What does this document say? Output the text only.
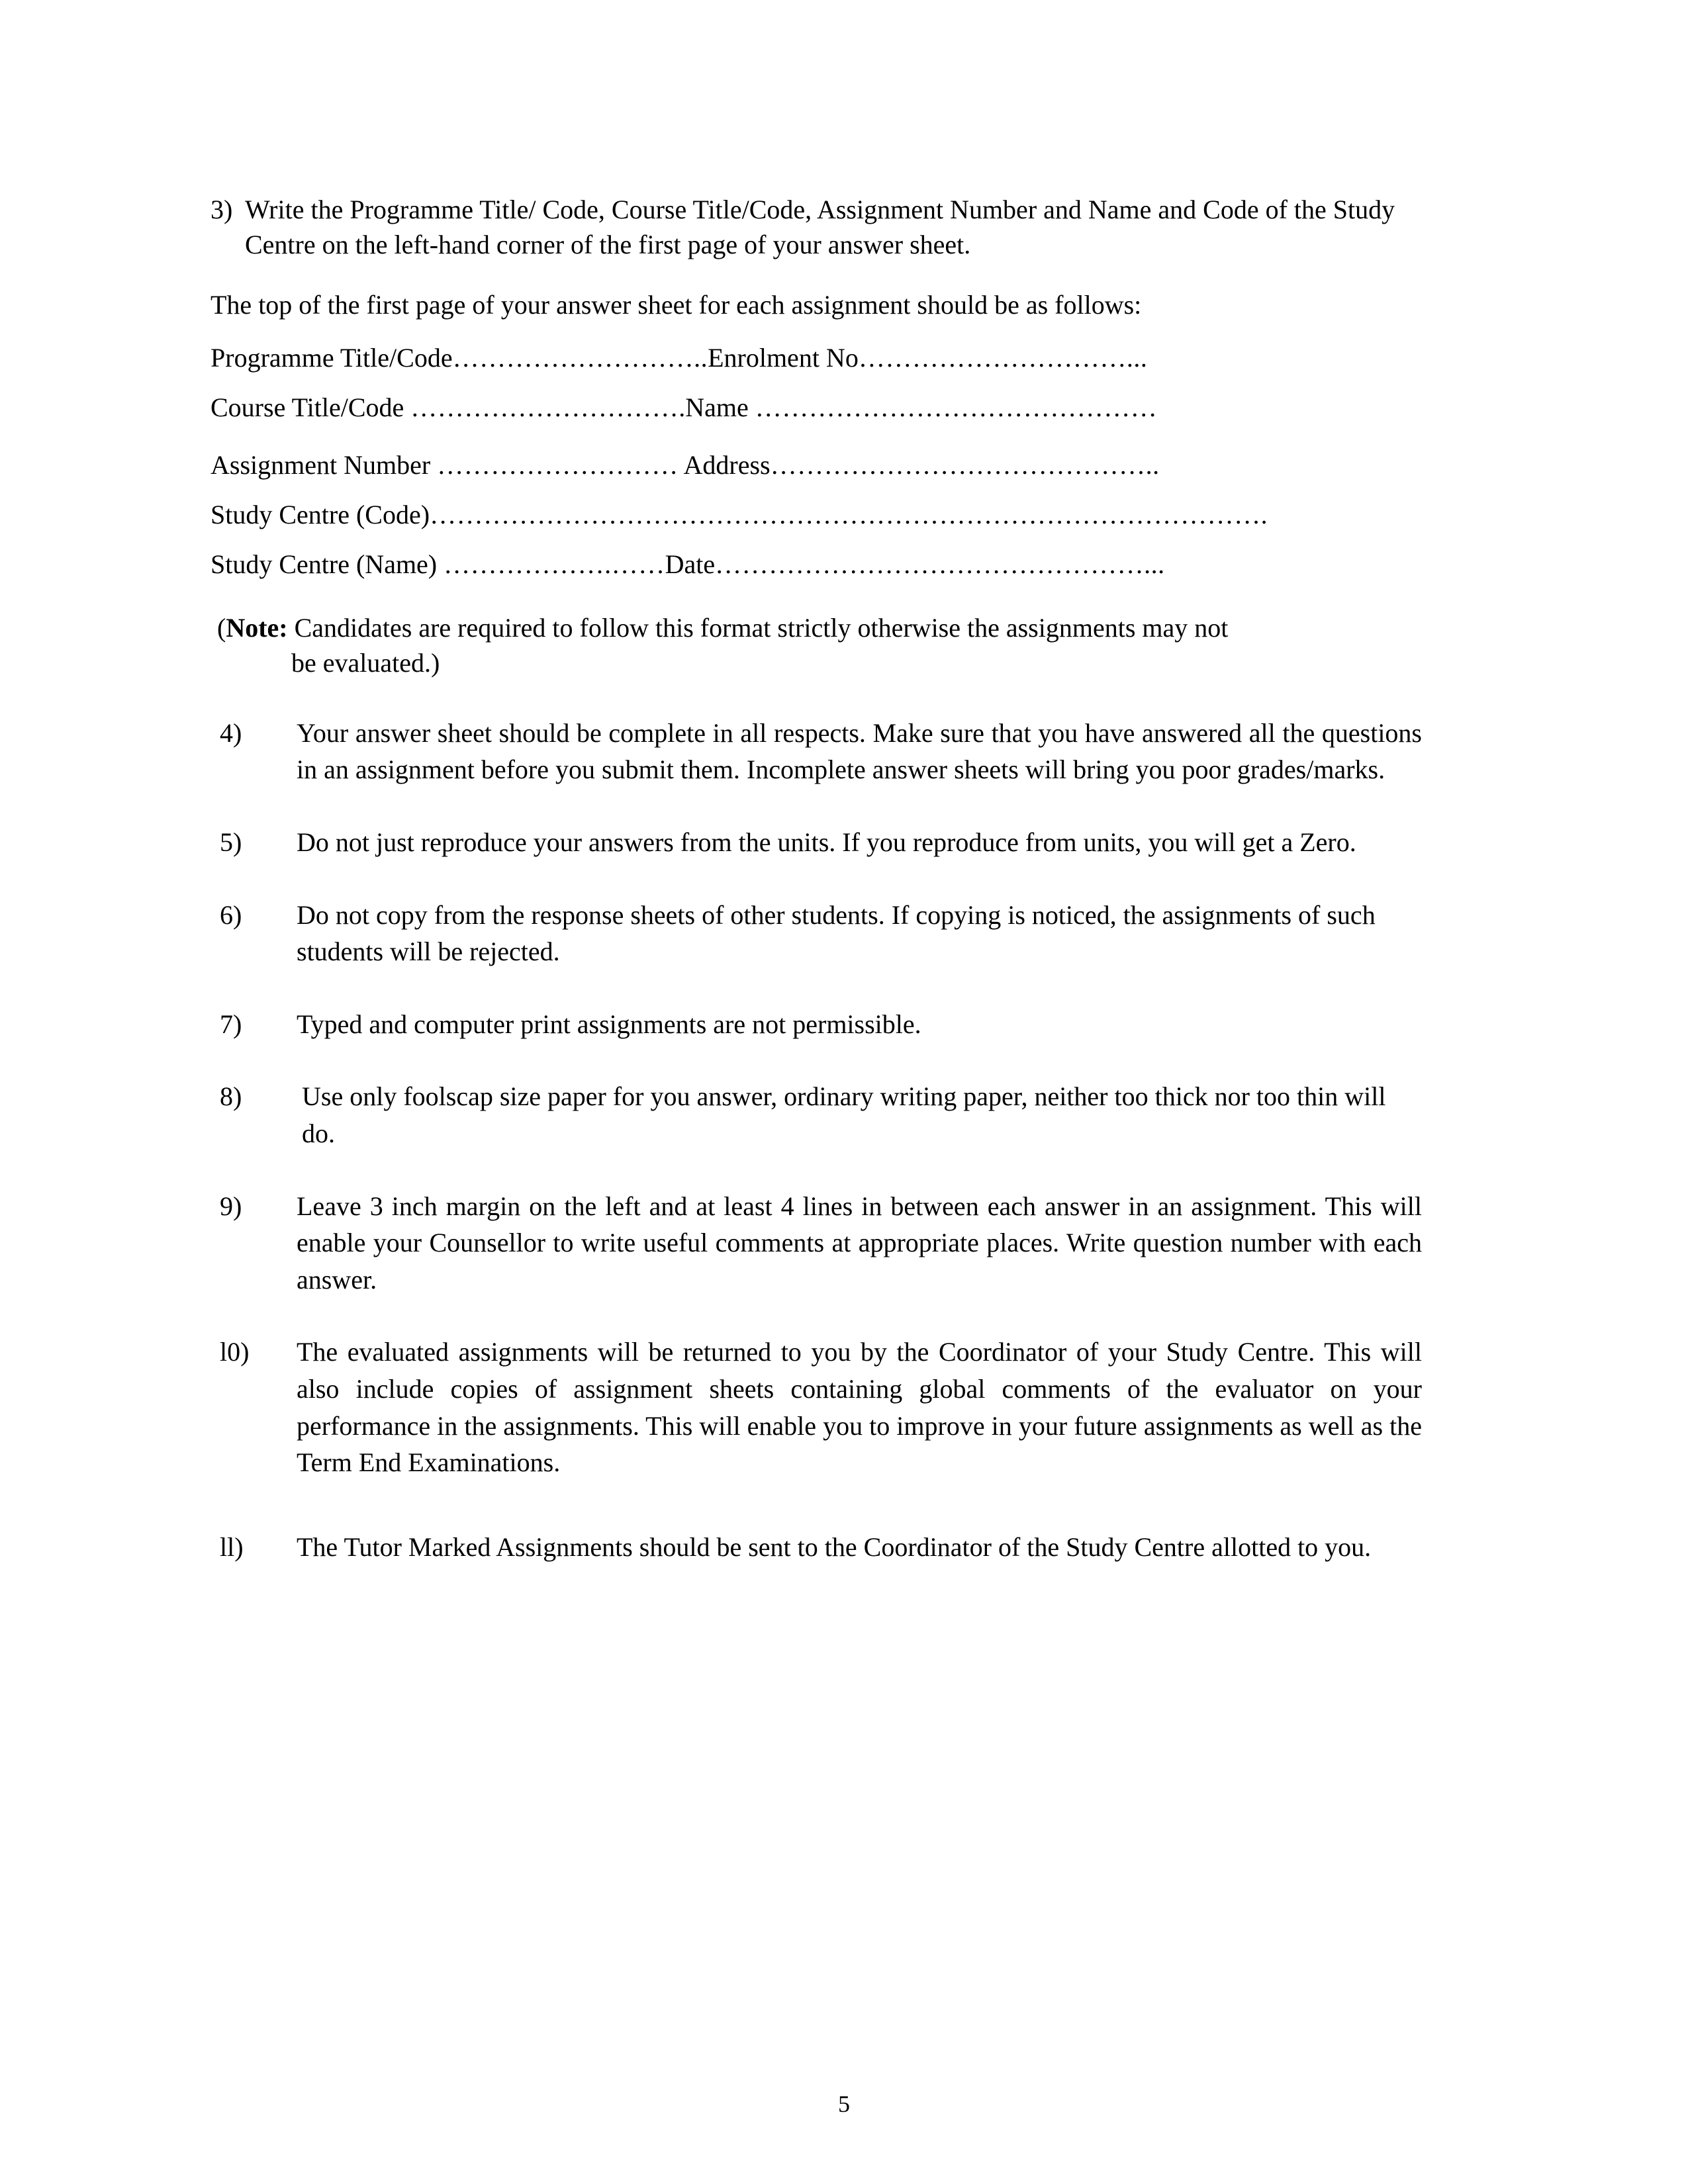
3) Write the Programme Title/ Code, Course Title/Code, Assignment Number and Name and Code of the Study Centre on the left-hand corner of the first page of your answer sheet.

The top of the first page of your answer sheet for each assignment should be as follows:

Programme Title/Code………………………..Enrolment No…………………………...
Course Title/Code ………………………….Name ………………………………………
Assignment Number ……………………… Address……………………………………..
Study Centre (Code)………………………………………………………………………………….
Study Centre (Name) ……………….……Date…………………………………………...
(Note: Candidates are required to follow this format strictly otherwise the assignments may not
be evaluated.)
4)	Your answer sheet should be complete in all respects. Make sure that you have answered all the questions in an assignment before you submit them. Incomplete answer sheets will bring you poor grades/marks.
5)	Do not just reproduce your answers from the units. If you reproduce from units, you will get a Zero.
6)	Do not copy from the response sheets of other students. If copying is noticed, the assignments of such students will be rejected.
7)	Typed and computer print assignments are not permissible.
8)	Use only foolscap size paper for you answer, ordinary writing paper, neither too thick nor too thin will do.
9)	Leave 3 inch margin on the left and at least 4 lines in between each answer in an assignment. This will enable your Counsellor to write useful comments at appropriate places. Write question number with each answer.
l0)	The evaluated assignments will be returned to you by the Coordinator of your Study Centre. This will also include copies of assignment sheets containing global comments of the evaluator on your performance in the assignments. This will enable you to improve in your future assignments as well as the Term End Examinations.
ll)	The Tutor Marked Assignments should be sent to the Coordinator of the Study Centre allotted to you.
5
